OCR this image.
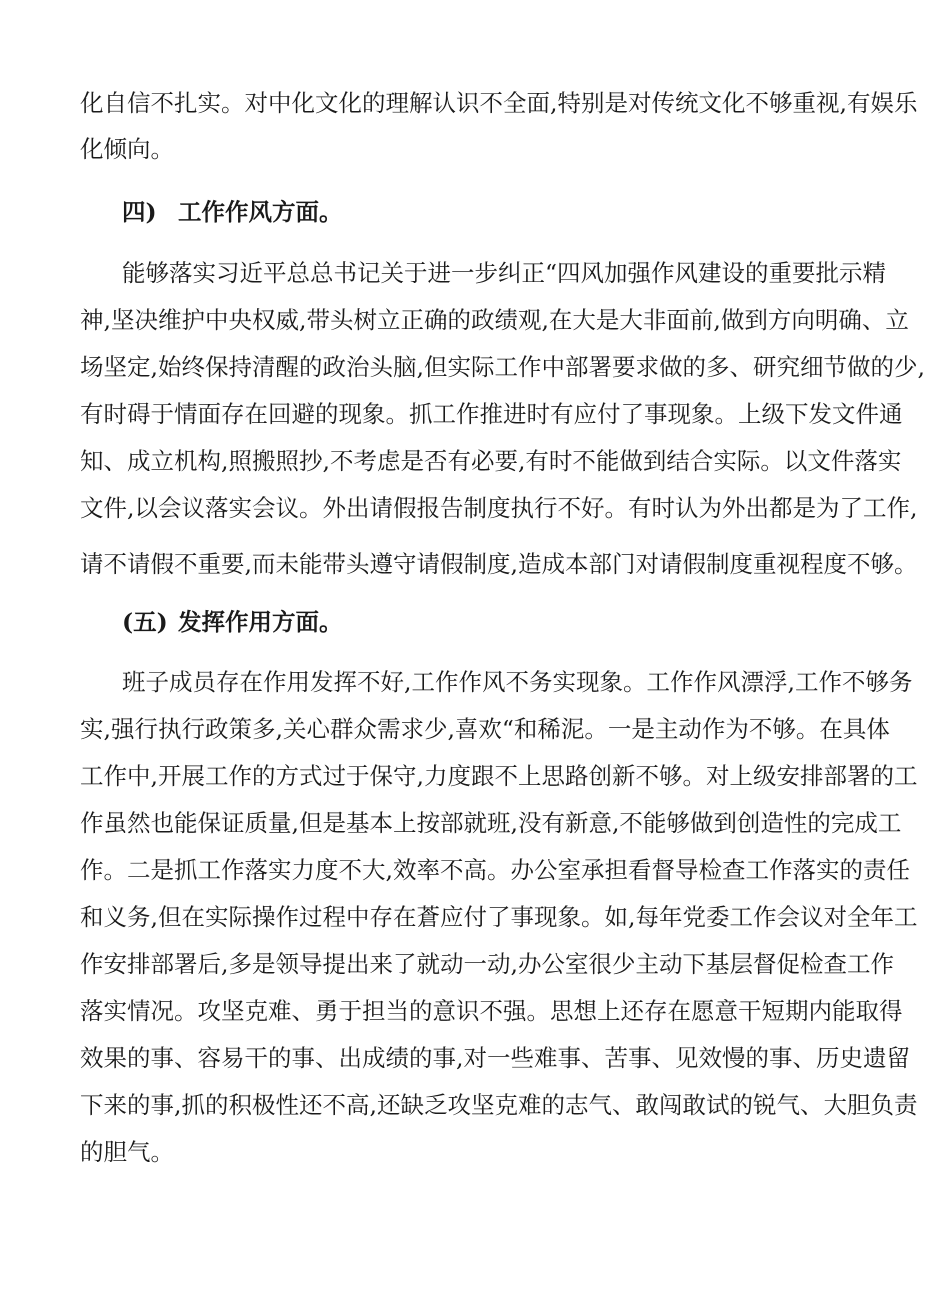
化自信不扎实。对中化文化的理解认识不全面,特别是对传统文化不够重视,有娱乐
化倾向。
四) 工作作风方面。
能够落实习近平总总书记关于进一步纠正“四风加强作风建设的重要批示精
神,坚决维护中央权威,带头树立正确的政绩观,在大是大非面前,做到方向明确、立
场坚定,始终保持清醒的政治头脑,但实际工作中部署要求做的多、研究细节做的少,
有时碍于情面存在回避的现象。抓工作推进时有应付了事现象。上级下发文件通
知、成立机构,照搬照抄,不考虑是否有必要,有时不能做到结合实际。以文件落实
文件,以会议落实会议。外出请假报告制度执行不好。有时认为外出都是为了工作,
请不请假不重要,而未能带头遵守请假制度,造成本部门对请假制度重视程度不够。
(五) 发挥作用方面。
班子成员存在作用发挥不好,工作作风不务实现象。工作作风漂浮,工作不够务
实,强行执行政策多,关心群众需求少,喜欢“和稀泥。一是主动作为不够。在具体
工作中,开展工作的方式过于保守,力度跟不上思路创新不够。对上级安排部署的工
作虽然也能保证质量,但是基本上按部就班,没有新意,不能够做到创造性的完成工
作。二是抓工作落实力度不大,效率不高。办公室承担看督导检查工作落实的责任
和义务,但在实际操作过程中存在蒼应付了事现象。如,每年党委工作会议对全年工
作安排部署后,多是领导提出来了就动一动,办公室很少主动下基层督促检查工作
落实情况。攻坚克难、勇于担当的意识不强。思想上还存在愿意干短期内能取得
效果的事、容易干的事、出成绩的事,对一些难事、苦事、见效慢的事、历史遗留
下来的事,抓的积极性还不高,还缺乏攻坚克难的志气、敢闯敢试的锐气、大胆负责
的胆气。
